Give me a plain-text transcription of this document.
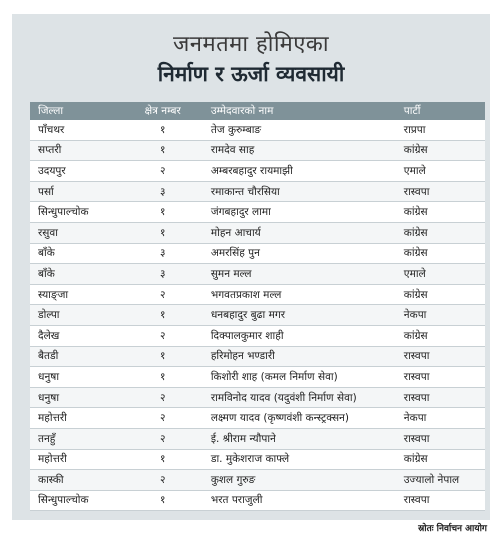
जनमतमा होमिएका
निर्माण र ऊर्जा व्यवसायी
जिल्ला	क्षेत्र नम्बर	उम्मेदवारको नाम	पार्टी
पाँचथर	१	तेज कुरुम्बाङ	राप्रपा
सप्तरी	१	रामदेव साह	कांग्रेस
उदयपुर	२	अम्बरबहादुर रायमाझी	एमाले
पर्सा	३	रमाकान्त चौरसिया	रास्वपा
सिन्धुपाल्चोक	१	जंगबहादुर लामा	कांग्रेस
रसुवा	१	मोहन आचार्य	कांग्रेस
बाँके	३	अमरसिंह पुन	कांग्रेस
बाँके	३	सुमन मल्ल	एमाले
स्याङ्जा	२	भगवतप्रकाश मल्ल	कांग्रेस
डोल्पा	१	धनबहादुर बुढा मगर	नेकपा
दैलेख	२	दिक्पालकुमार शाही	कांग्रेस
बैतडी	१	हरिमोहन भण्डारी	रास्वपा
धनुषा	१	किशोरी शाह (कमल निर्माण सेवा)	रास्वपा
धनुषा	२	रामविनोद यादव (यदुवंशी निर्माण सेवा)	रास्वपा
महोत्तरी	२	लक्ष्मण यादव (कृष्णवंशी कन्स्ट्रक्सन)	नेकपा
तनहुँ	२	ई. श्रीराम न्यौपाने	रास्वपा
महोत्तरी	१	डा. मुकेशराज काफ्ले	कांग्रेस
कास्की	२	कुशल गुरुङ	उज्यालो नेपाल
सिन्धुपाल्चोक	१	भरत पराजुली	रास्वपा
स्रोतः निर्वाचन आयोग
